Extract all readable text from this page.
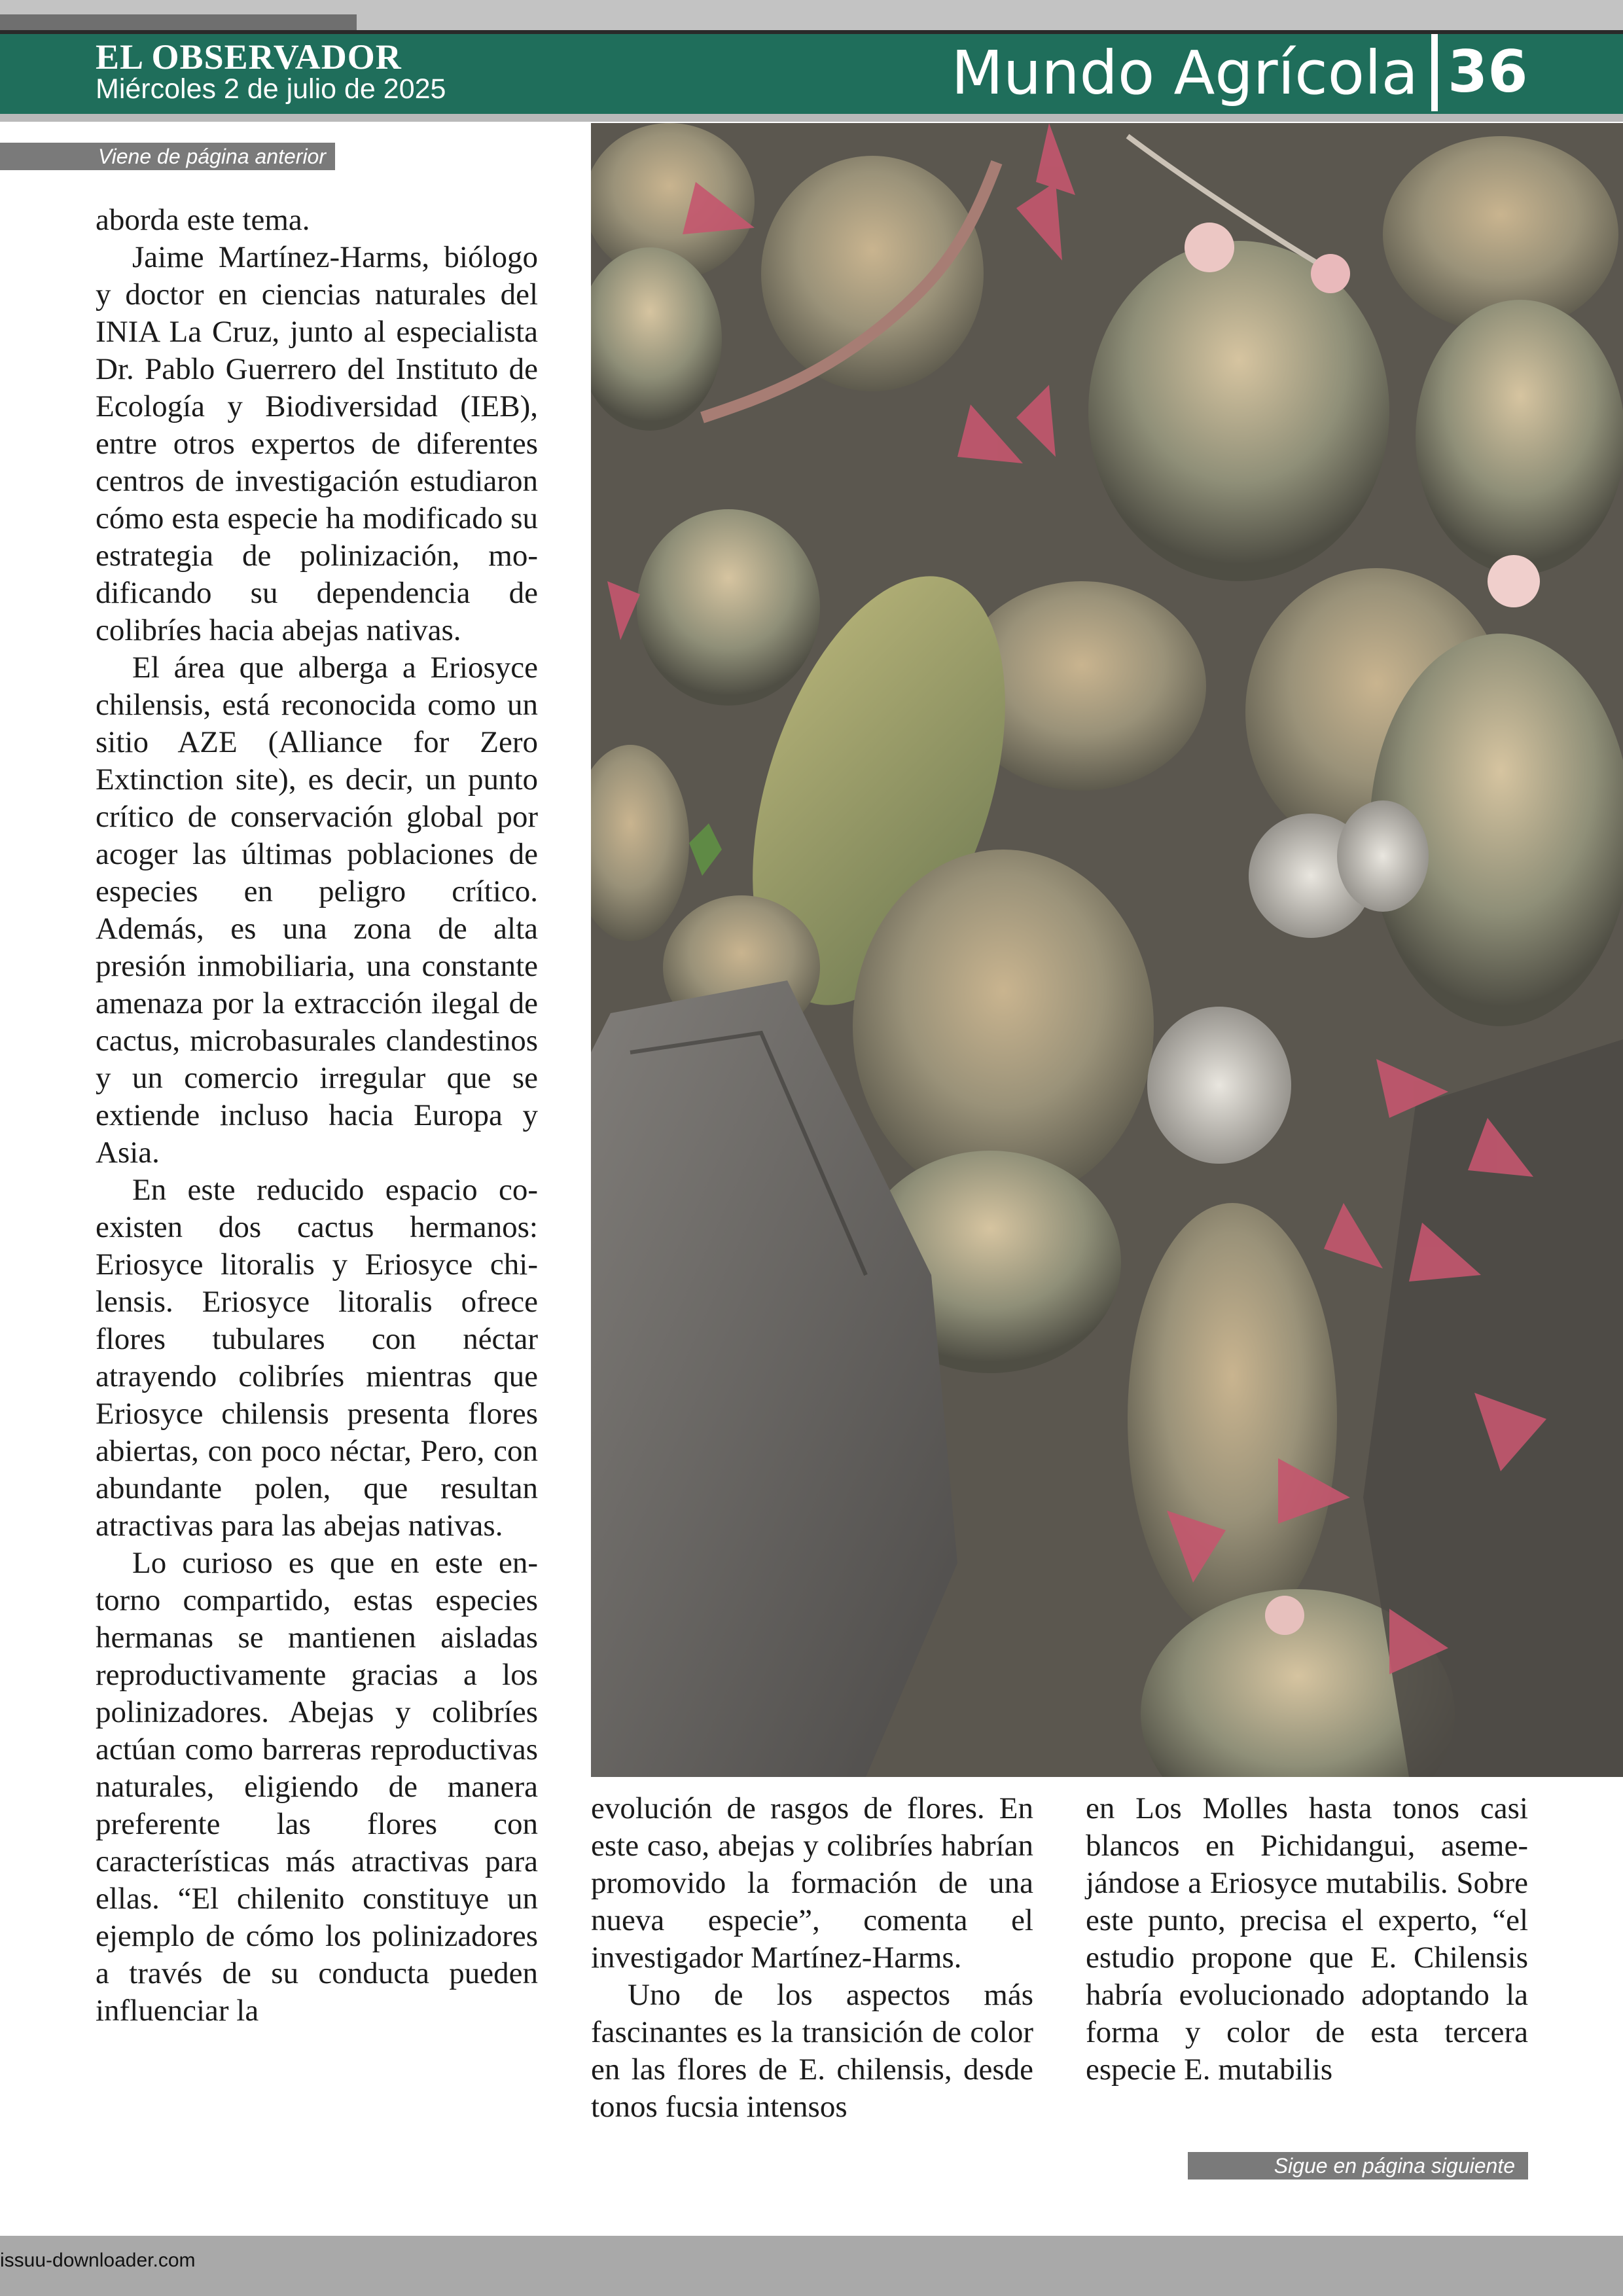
EL OBSERVADOR
Miércoles 2 de julio de 2025	Mundo Agrícola 36
Viene de página anterior

aborda este tema.

Jaime Martínez-Harms, biólogo y doctor en ciencias naturales del INIA La Cruz, junto al especialista Dr. Pablo Guerrero del Instituto de Ecología y Biodiversidad (IEB), entre otros expertos de diferentes centros de investigación estudiaron cómo esta especie ha modificado su estrategia de polinización, modificando su dependencia de colibríes hacia abejas nativas.

El área que alberga a Eriosyce chilensis, está reconocida como un sitio AZE (Alliance for Zero Extinction site), es decir, un punto crítico de conservación global por acoger las últimas poblaciones de especies en peligro crítico. Además, es una zona de alta presión inmobiliaria, una constante amenaza por la extracción ilegal de cactus, microbasurales clandestinos y un comercio irregular que se extiende incluso hacia Europa y Asia.

En este reducido espacio coexisten dos cactus hermanos: Eriosyce litoralis y Eriosyce chilensis. Eriosyce litoralis ofrece flores tubulares con néctar atrayendo colibríes mientras que Eriosyce chilensis presenta flores abiertas, con poco néctar, Pero, con abundante polen, que resultan atractivas para las abejas nativas.

Lo curioso es que en este entorno compartido, estas especies hermanas se mantienen aisladas reproductivamente gracias a los polinizadores. Abejas y colibríes actúan como barreras reproductivas naturales, eligiendo de manera preferente las flores con características más atractivas para ellas. “El chilenito constituye un ejemplo de cómo los polinizadores a través de su conducta pueden influenciar la

evolución de rasgos de flores. En este caso, abejas y colibríes habrían promovido la formación de una nueva especie”, comenta el investigador Martínez-Harms.

Uno de los aspectos más fascinantes es la transición de color en las flores de E. chilensis, desde tonos fucsia intensos

en Los Molles hasta tonos casi blancos en Pichidangui, asemejándose a Eriosyce mutabilis. Sobre este punto, precisa el experto, “el estudio propone que E. Chilensis habría evolucionado adoptando la forma y color de esta tercera especie E. mutabilis

Sigue en página siguiente
issuu-downloader.com
